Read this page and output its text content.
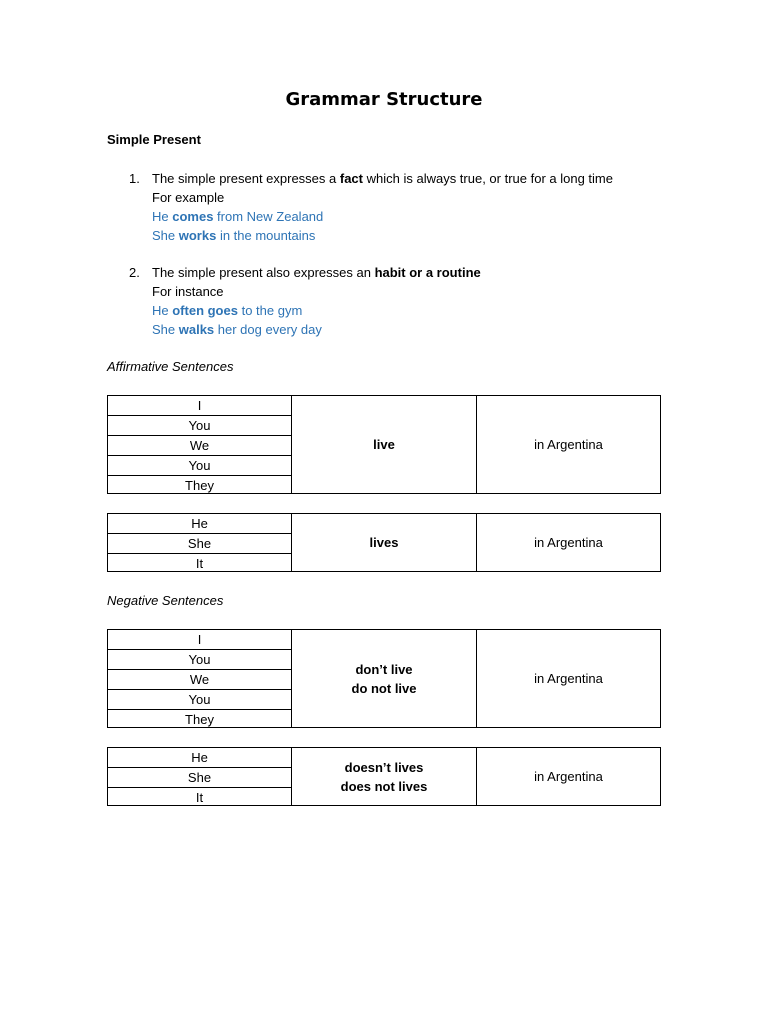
Grammar Structure
Simple Present
1. The simple present expresses a fact which is always true, or true for a long time
For example
He comes from New Zealand
She works in the mountains
2. The simple present also expresses an habit or a routine
For instance
He often goes to the gym
She walks her dog every day
Affirmative Sentences
I
You
We
You
They
live	in Argentina
He
She
It
lives	in Argentina
Negative Sentences
I
You
We
You
They
don’t live
do not live
in Argentina
He
She
It
doesn’t lives
does not lives
in Argentina
